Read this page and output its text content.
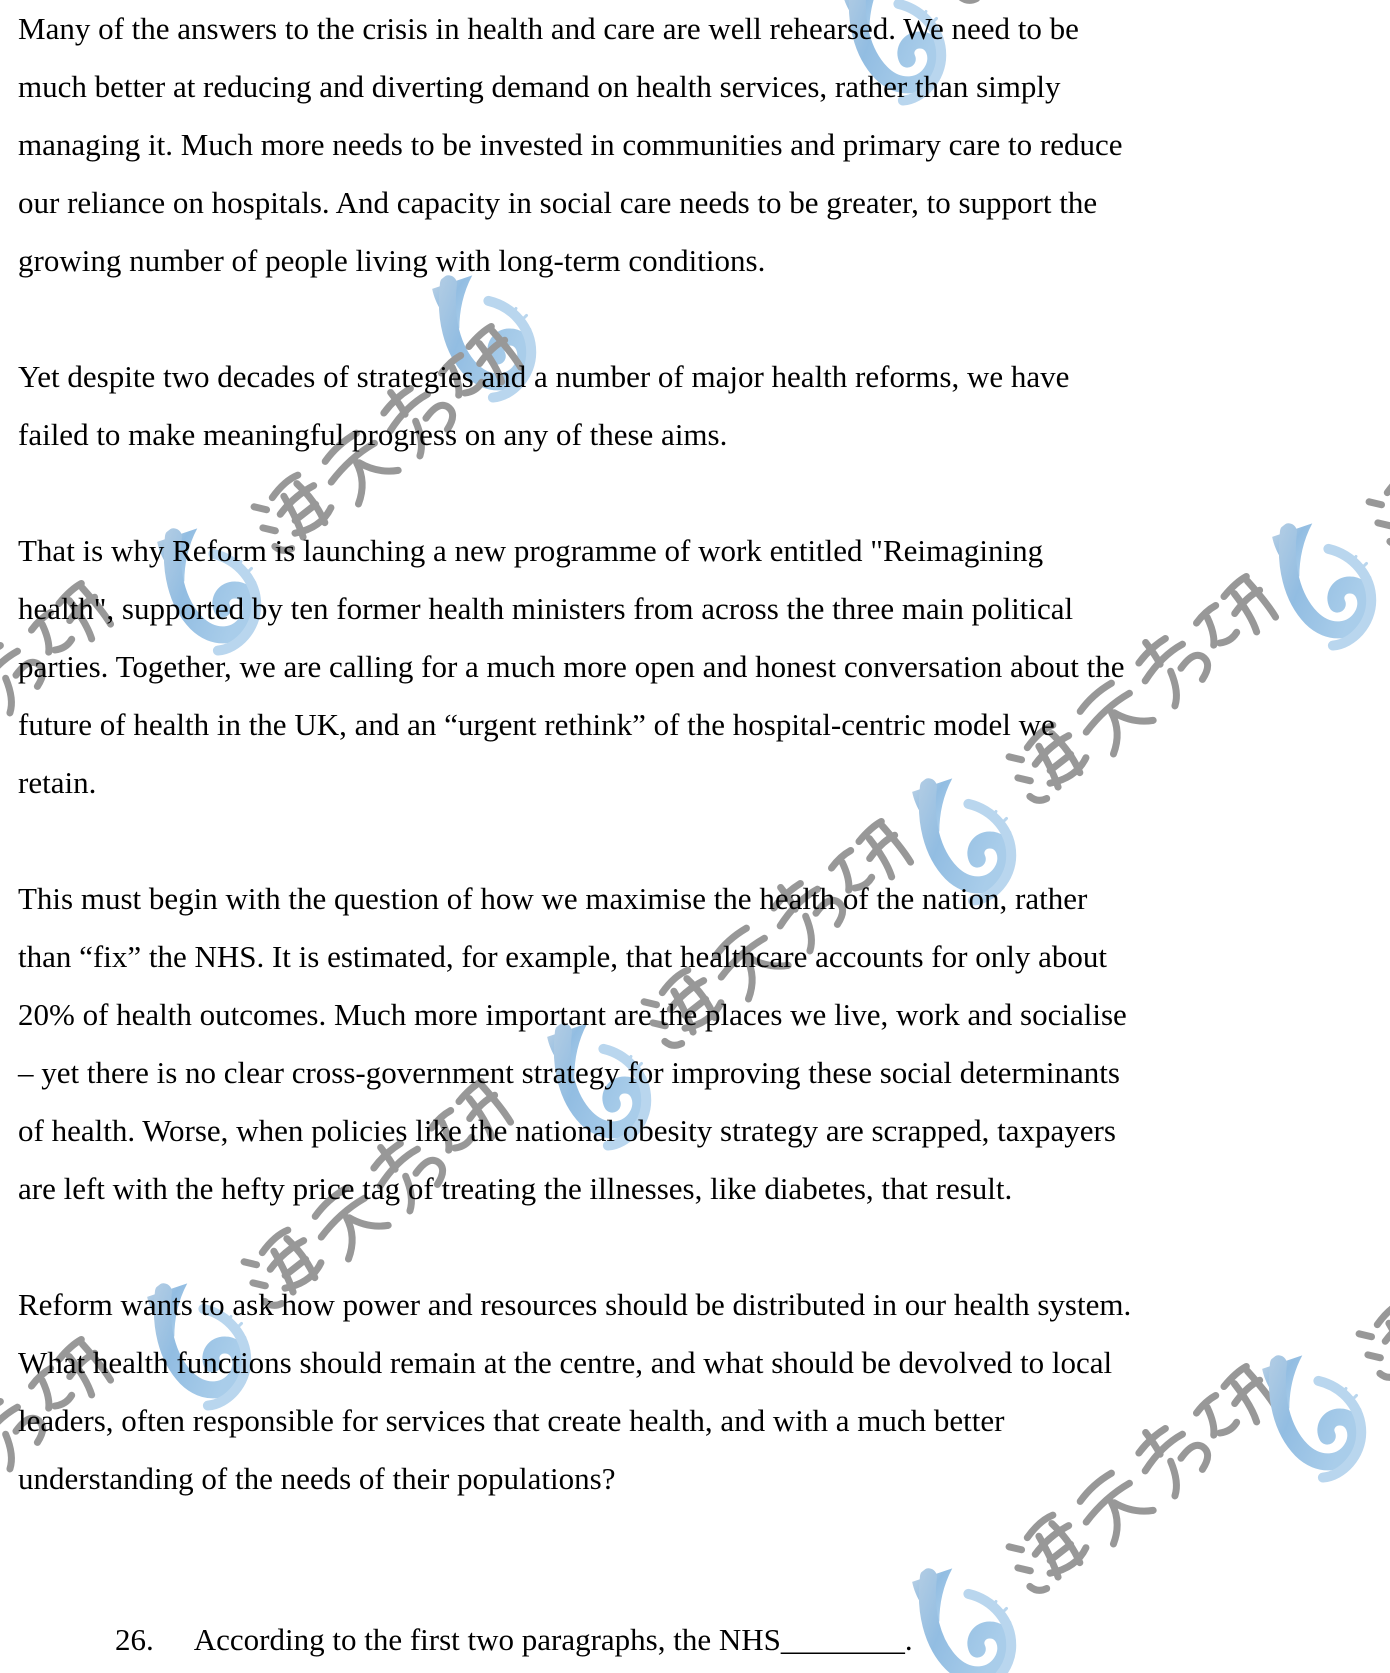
Many of the answers to the crisis in health and care are well rehearsed. We need to be
much better at reducing and diverting demand on health services, rather than simply
managing it. Much more needs to be invested in communities and primary care to reduce
our reliance on hospitals. And capacity in social care needs to be greater, to support the
growing number of people living with long-term conditions.
Yet despite two decades of strategies and a number of major health reforms, we have
failed to make meaningful progress on any of these aims.
That is why Reform is launching a new programme of work entitled "Reimagining
health", supported by ten former health ministers from across the three main political
parties. Together, we are calling for a much more open and honest conversation about the
future of health in the UK, and an “urgent rethink” of the hospital-centric model we
retain.
This must begin with the question of how we maximise the health of the nation, rather
than “fix” the NHS. It is estimated, for example, that healthcare accounts for only about
20% of health outcomes. Much more important are the places we live, work and socialise
– yet there is no clear cross-government strategy for improving these social determinants
of health. Worse, when policies like the national obesity strategy are scrapped, taxpayers
are left with the hefty price tag of treating the illnesses, like diabetes, that result.
Reform wants to ask how power and resources should be distributed in our health system.
What health functions should remain at the centre, and what should be devolved to local
leaders, often responsible for services that create health, and with a much better
understanding of the needs of their populations?
26. According to the first two paragraphs, the NHS________.
